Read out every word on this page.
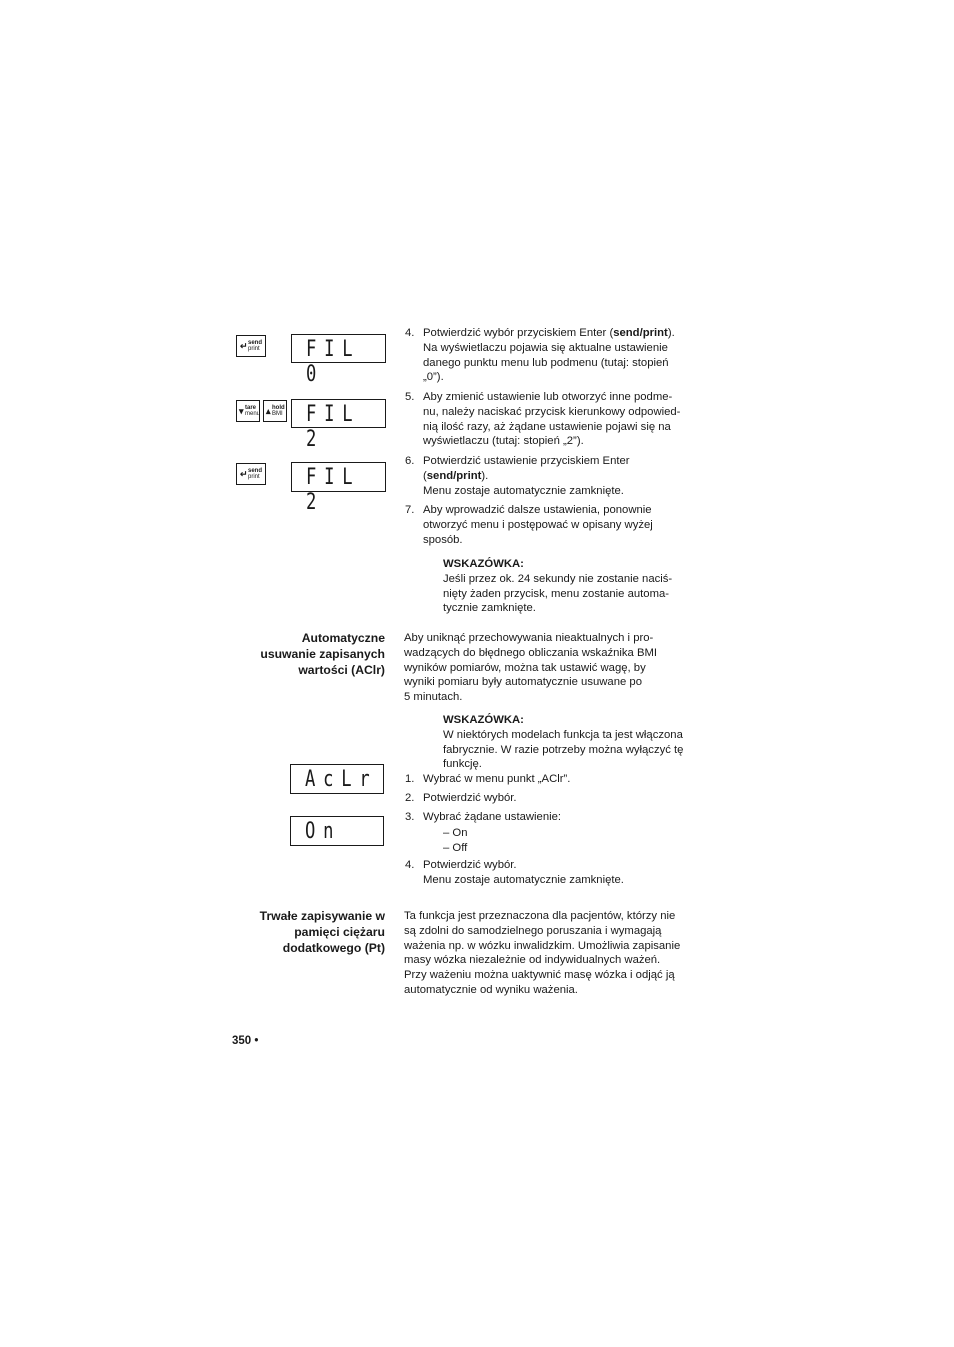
↵ send
print FIL 0
▾ tare
menu ▴ hold
BMI FIL 2
↵ send
print FIL 2
AcLr
On
4. Potwierdzić wybór przyciskiem Enter (send/print).
Na wyświetlaczu pojawia się aktualne ustawienie
danego punktu menu lub podmenu (tutaj: stopień
„0”).
5. Aby zmienić ustawienie lub otworzyć inne podme-
nu, należy naciskać przycisk kierunkowy odpowied-
nią ilość razy, aż żądane ustawienie pojawi się na
wyświetlaczu (tutaj: stopień „2”).
6. Potwierdzić ustawienie przyciskiem Enter
(send/print).
Menu zostaje automatycznie zamknięte.
7. Aby wprowadzić dalsze ustawienia, ponownie
otworzyć menu i postępować w opisany wyżej
sposób.
WSKAZÓWKA:
Jeśli przez ok. 24 sekundy nie zostanie naciś-
nięty żaden przycisk, menu zostanie automa-
tycznie zamknięte.
Automatyczne
usuwanie zapisanych
wartości (AClr)
Aby uniknąć przechowywania nieaktualnych i pro-
wadzących do błędnego obliczania wskaźnika BMI
wyników pomiarów, można tak ustawić wagę, by
wyniki pomiaru były automatycznie usuwane po
5 minutach.
WSKAZÓWKA:
W niektórych modelach funkcja ta jest włączona
fabrycznie. W razie potrzeby można wyłączyć tę
funkcję.
1. Wybrać w menu punkt „AClr”.
2. Potwierdzić wybór.
3. Wybrać żądane ustawienie:
– On
– Off
4. Potwierdzić wybór.
Menu zostaje automatycznie zamknięte.
Trwałe zapisywanie w
pamięci ciężaru
dodatkowego (Pt)
Ta funkcja jest przeznaczona dla pacjentów, którzy nie
są zdolni do samodzielnego poruszania i wymagają
ważenia np. w wózku inwalidzkim. Umożliwia zapisanie
masy wózka niezależnie od indywidualnych ważeń.
Przy ważeniu można uaktywnić masę wózka i odjąć ją
automatycznie od wyniku ważenia.
350 •
